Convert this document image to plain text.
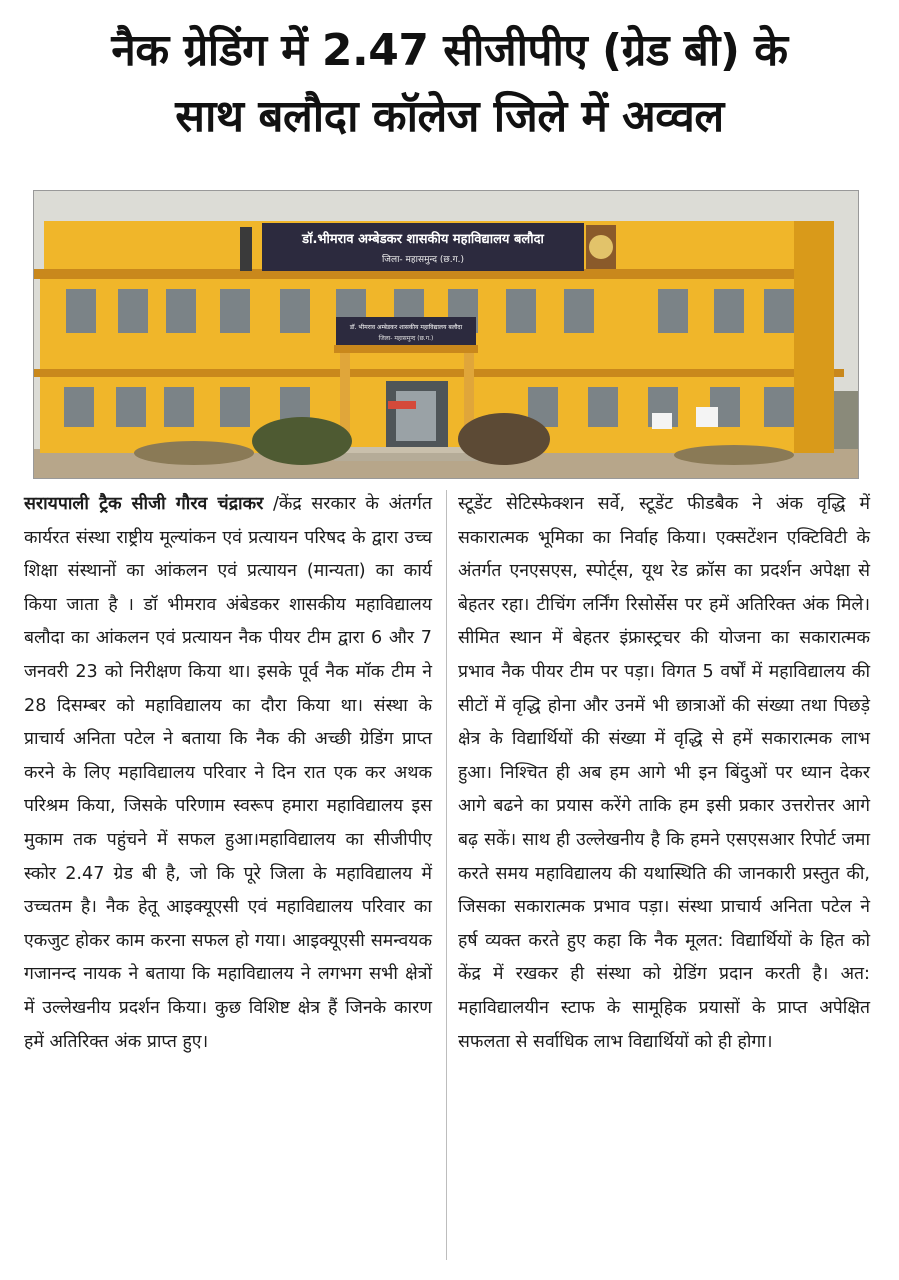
नैक ग्रेडिंग में 2.47 सीजीपीए (ग्रेड बी) के
साथ बलौदा कॉलेज जिले में अव्वल
डॉ.भीमराव अम्बेडकर शासकीय महाविद्यालय बलौदा
जिला- महासमुन्द (छ.ग.)
डॉ. भीमराव अम्बेडकर शासकीय महाविद्यालय बलौदा
जिला- महासमुन्द (छ.ग.)
सरायपाली ट्रैक सीजी गौरव चंद्राकर /केंद्र सरकार के अंतर्गत कार्यरत संस्था राष्ट्रीय मूल्यांकन एवं प्रत्यायन परिषद के द्वारा उच्च शिक्षा संस्थानों का आंकलन एवं प्रत्यायन (मान्यता) का कार्य किया जाता है । डॉ भीमराव अंबेडकर शासकीय महाविद्यालय बलौदा का आंकलन एवं प्रत्यायन नैक पीयर टीम द्वारा 6 और 7 जनवरी 23 को निरीक्षण किया था। इसके पूर्व नैक मॉक टीम ने 28 दिसम्बर को महाविद्यालय का दौरा किया था। संस्था के प्राचार्य अनिता पटेल ने बताया कि नैक की अच्छी ग्रेडिंग प्राप्त करने के लिए महाविद्यालय परिवार ने दिन रात एक कर अथक परिश्रम किया, जिसके परिणाम स्वरूप हमारा महाविद्यालय इस मुकाम तक पहुंचने में सफल हुआ।महाविद्यालय का सीजीपीए स्कोर 2.47 ग्रेड बी है, जो कि पूरे जिला के महाविद्यालय में उच्चतम है। नैक हेतू आइक्यूएसी एवं महाविद्यालय परिवार का एकजुट होकर काम करना सफल हो गया। आइक्यूएसी समन्वयक गजानन्द नायक ने बताया कि महाविद्यालय ने लगभग सभी क्षेत्रों में उल्लेखनीय प्रदर्शन किया। कुछ विशिष्ट क्षेत्र हैं जिनके कारण हमें अतिरिक्त अंक प्राप्त हुए।
स्टूडेंट सेटिस्फेक्शन सर्वे, स्टूडेंट फीडबैक ने अंक वृद्धि में सकारात्मक भूमिका का निर्वाह किया। एक्सटेंशन एक्टिविटी के अंतर्गत एनएसएस, स्पोर्ट्स, यूथ रेड क्रॉस का प्रदर्शन अपेक्षा से बेहतर रहा। टीचिंग लर्निंग रिसोर्सेस पर हमें अतिरिक्त अंक मिले। सीमित स्थान में बेहतर इंफ्रास्ट्रचर की योजना का सकारात्मक प्रभाव नैक पीयर टीम पर पड़ा। विगत 5 वर्षों में महाविद्यालय की सीटों में वृद्धि होना और उनमें भी छात्राओं की संख्या तथा पिछड़े क्षेत्र के विद्यार्थियों की संख्या में वृद्धि से हमें सकारात्मक लाभ हुआ। निश्चित ही अब हम आगे भी इन बिंदुओं पर ध्यान देकर आगे बढने का प्रयास करेंगे ताकि हम इसी प्रकार उत्तरोत्तर आगे बढ़ सकें। साथ ही उल्लेखनीय है कि हमने एसएसआर रिपोर्ट जमा करते समय महाविद्यालय की यथास्थिति की जानकारी प्रस्तुत की, जिसका सकारात्मक प्रभाव पड़ा। संस्था प्राचार्य अनिता पटेल ने हर्ष व्यक्त करते हुए कहा कि नैक मूलत: विद्यार्थियों के हित को केंद्र में रखकर ही संस्था को ग्रेडिंग प्रदान करती है। अत: महाविद्यालयीन स्टाफ के सामूहिक प्रयासों के प्राप्त अपेक्षित सफलता से सर्वाधिक लाभ विद्यार्थियों को ही होगा।
